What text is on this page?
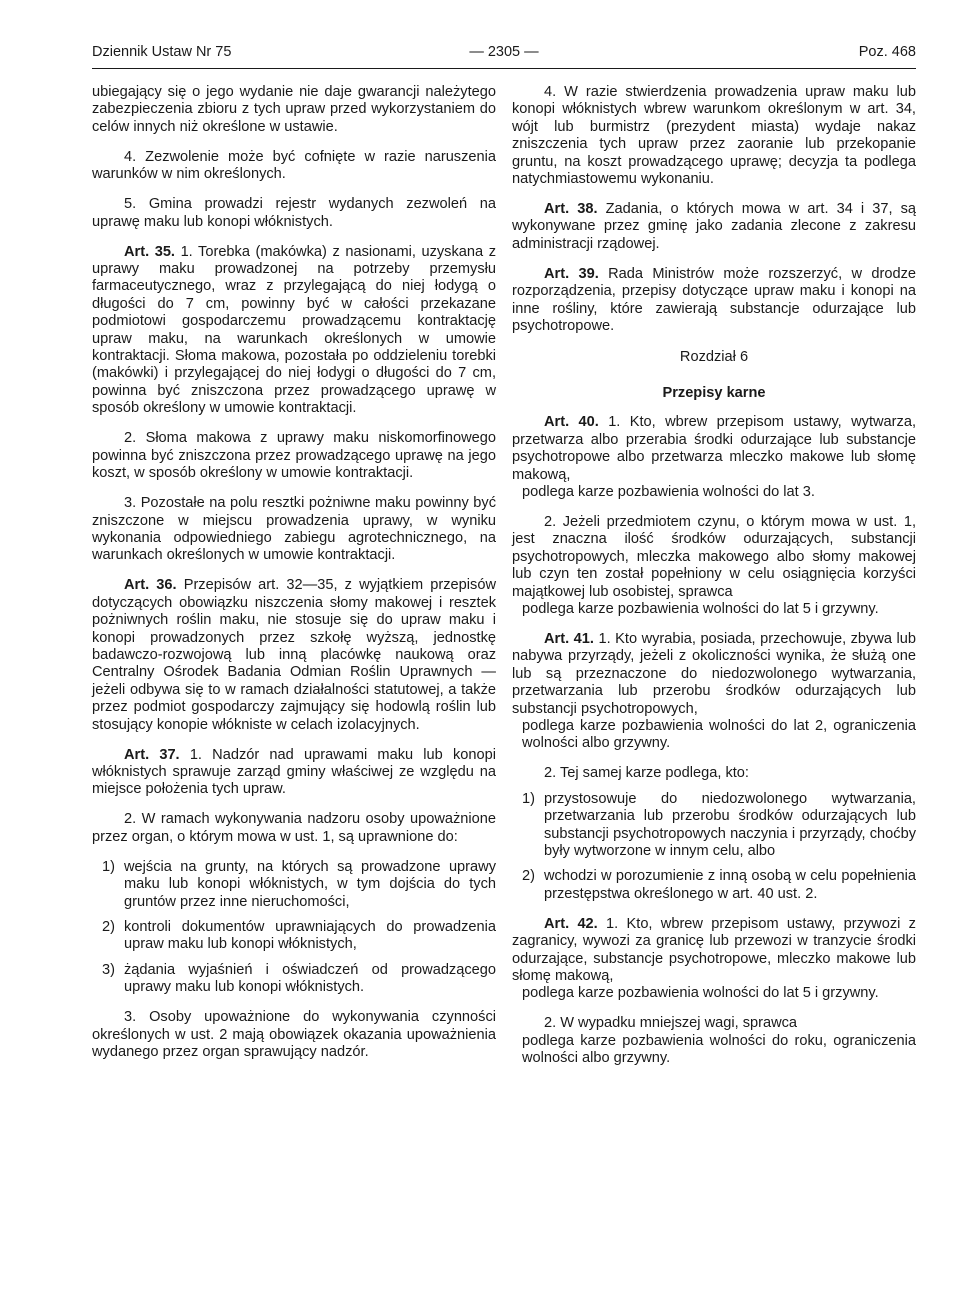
Dziennik Ustaw Nr 75	— 2305 —	Poz. 468

ubiegający się o jego wydanie nie daje gwarancji należytego zabezpieczenia zbioru z tych upraw przed wykorzystaniem do celów innych niż określone w ustawie.

4. Zezwolenie może być cofnięte w razie naruszenia warunków w nim określonych.

5. Gmina prowadzi rejestr wydanych zezwoleń na uprawę maku lub konopi włóknistych.

Art. 35. 1. Torebka (makówka) z nasionami, uzyskana z uprawy maku prowadzonej na potrzeby przemysłu farmaceutycznego, wraz z przylegającą do niej łodygą o długości do 7 cm, powinny być w całości przekazane podmiotowi gospodarczemu prowadzącemu kontraktację upraw maku, na warunkach określonych w umowie kontraktacji. Słoma makowa, pozostała po oddzieleniu torebki (makówki) i przylegającej do niej łodygi o długości do 7 cm, powinna być zniszczona przez prowadzącego uprawę w sposób określony w umowie kontraktacji.

2. Słoma makowa z uprawy maku niskomorfinowego powinna być zniszczona przez prowadzącego uprawę na jego koszt, w sposób określony w umowie kontraktacji.

3. Pozostałe na polu resztki pożniwne maku powinny być zniszczone w miejscu prowadzenia uprawy, w wyniku wykonania odpowiedniego zabiegu agrotechnicznego, na warunkach określonych w umowie kontraktacji.

Art. 36. Przepisów art. 32—35, z wyjątkiem przepisów dotyczących obowiązku niszczenia słomy makowej i resztek pożniwnych roślin maku, nie stosuje się do upraw maku i konopi prowadzonych przez szkołę wyższą, jednostkę badawczo-rozwojową lub inną placówkę naukową oraz Centralny Ośrodek Badania Odmian Roślin Uprawnych — jeżeli odbywa się to w ramach działalności statutowej, a także przez podmiot gospodarczy zajmujący się hodowlą roślin lub stosujący konopie włókniste w celach izolacyjnych.

Art. 37. 1. Nadzór nad uprawami maku lub konopi włóknistych sprawuje zarząd gminy właściwej ze względu na miejsce położenia tych upraw.

2. W ramach wykonywania nadzoru osoby upoważnione przez organ, o którym mowa w ust. 1, są uprawnione do:

1) wejścia na grunty, na których są prowadzone uprawy maku lub konopi włóknistych, w tym dojścia do tych gruntów przez inne nieruchomości,
2) kontroli dokumentów uprawniających do prowadzenia upraw maku lub konopi włóknistych,
3) żądania wyjaśnień i oświadczeń od prowadzącego uprawy maku lub konopi włóknistych.

3. Osoby upoważnione do wykonywania czynności określonych w ust. 2 mają obowiązek okazania upoważnienia wydanego przez organ sprawujący nadzór.

4. W razie stwierdzenia prowadzenia upraw maku lub konopi włóknistych wbrew warunkom określonym w art. 34, wójt lub burmistrz (prezydent miasta) wydaje nakaz zniszczenia tych upraw przez zaoranie lub przekopanie gruntu, na koszt prowadzącego uprawę; decyzja ta podlega natychmiastowemu wykonaniu.

Art. 38. Zadania, o których mowa w art. 34 i 37, są wykonywane przez gminę jako zadania zlecone z zakresu administracji rządowej.

Art. 39. Rada Ministrów może rozszerzyć, w drodze rozporządzenia, przepisy dotyczące upraw maku i konopi na inne rośliny, które zawierają substancje odurzające lub psychotropowe.

Rozdział 6
Przepisy karne

Art. 40. 1. Kto, wbrew przepisom ustawy, wytwarza, przetwarza albo przerabia środki odurzające lub substancje psychotropowe albo przetwarza mleczko makowe lub słomę makową,

podlega karze pozbawienia wolności do lat 3.

2. Jeżeli przedmiotem czynu, o którym mowa w ust. 1, jest znaczna ilość środków odurzających, substancji psychotropowych, mleczka makowego albo słomy makowej lub czyn ten został popełniony w celu osiągnięcia korzyści majątkowej lub osobistej, sprawca

podlega karze pozbawienia wolności do lat 5 i grzywny.

Art. 41. 1. Kto wyrabia, posiada, przechowuje, zbywa lub nabywa przyrządy, jeżeli z okoliczności wynika, że służą one lub są przeznaczone do niedozwolonego wytwarzania, przetwarzania lub przerobu środków odurzających lub substancji psychotropowych,

podlega karze pozbawienia wolności do lat 2, ograniczenia wolności albo grzywny.

2. Tej samej karze podlega, kto:

1) przystosowuje do niedozwolonego wytwarzania, przetwarzania lub przerobu środków odurzających lub substancji psychotropowych naczynia i przyrządy, choćby były wytworzone w innym celu, albo
2) wchodzi w porozumienie z inną osobą w celu popełnienia przestępstwa określonego w art. 40 ust. 2.

Art. 42. 1. Kto, wbrew przepisom ustawy, przywozi z zagranicy, wywozi za granicę lub przewozi w tranzycie środki odurzające, substancje psychotropowe, mleczko makowe lub słomę makową,

podlega karze pozbawienia wolności do lat 5 i grzywny.

2. W wypadku mniejszej wagi, sprawca

podlega karze pozbawienia wolności do roku, ograniczenia wolności albo grzywny.
